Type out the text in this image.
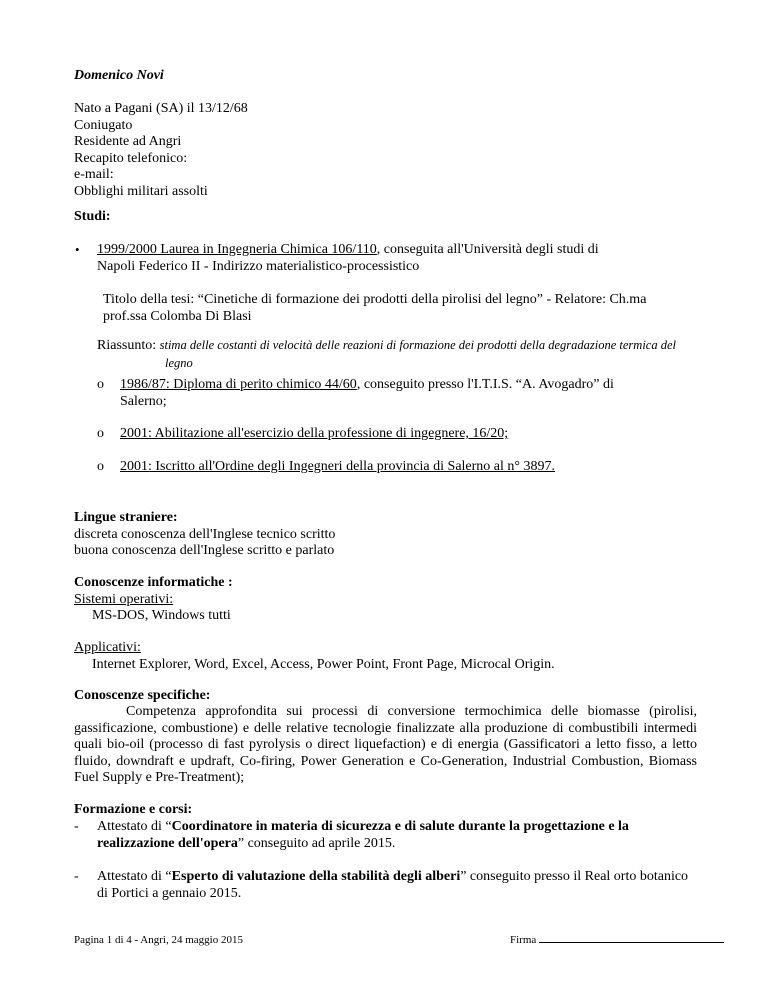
Domenico Novi

Nato a Pagani (SA) il 13/12/68

Coniugato

Residente ad Angri

Recapito telefonico:

e-mail:

Obblighi militari assolti

Studi:
• 1999/2000 Laurea in Ingegneria Chimica 106/110, conseguita all'Università degli studi di
Napoli Federico II - Indirizzo materialistico-processistico

Titolo della tesi: “Cinetiche di formazione dei prodotti della pirolisi del legno” - Relatore: Ch.ma

prof.ssa Colomba Di Blasi

Riassunto: stima delle costanti di velocità delle reazioni di formazione dei prodotti della degradazione termica del
legno
o 1986/87: Diploma di perito chimico 44/60, conseguito presso l'I.T.I.S. “A. Avogadro” di
Salerno;
o 2001: Abilitazione all'esercizio della professione di ingegnere, 16/20;
o 2001: Iscritto all'Ordine degli Ingegneri della provincia di Salerno al n° 3897.

Lingue straniere:

discreta conoscenza dell'Inglese tecnico scritto

buona conoscenza dell'Inglese scritto e parlato

Conoscenze informatiche :

Sistemi operativi:

MS-DOS, Windows tutti

Applicativi:

Internet Explorer, Word, Excel, Access, Power Point, Front Page, Microcal Origin.

Conoscenze specifiche:
Competenza approfondita sui processi di conversione termochimica delle biomasse (pirolisi, gassificazione, combustione) e delle relative tecnologie finalizzate alla produzione di combustibili intermedi quali bio-oil (processo di fast pyrolysis o direct liquefaction) e di energia (Gassificatori a letto fisso, a letto fluido, downdraft e updraft, Co-firing, Power Generation e Co-Generation, Industrial Combustion, Biomass Fuel Supply e Pre-Treatment);
Formazione e corsi:
- Attestato di “Coordinatore in materia di sicurezza e di salute durante la progettazione e la realizzazione dell'opera” conseguito ad aprile 2015.
- Attestato di “Esperto di valutazione della stabilità degli alberi” conseguito presso il Real orto botanico di Portici a gennaio 2015.
Pagina 1 di 4 - Angri, 24 maggio 2015	Firma
